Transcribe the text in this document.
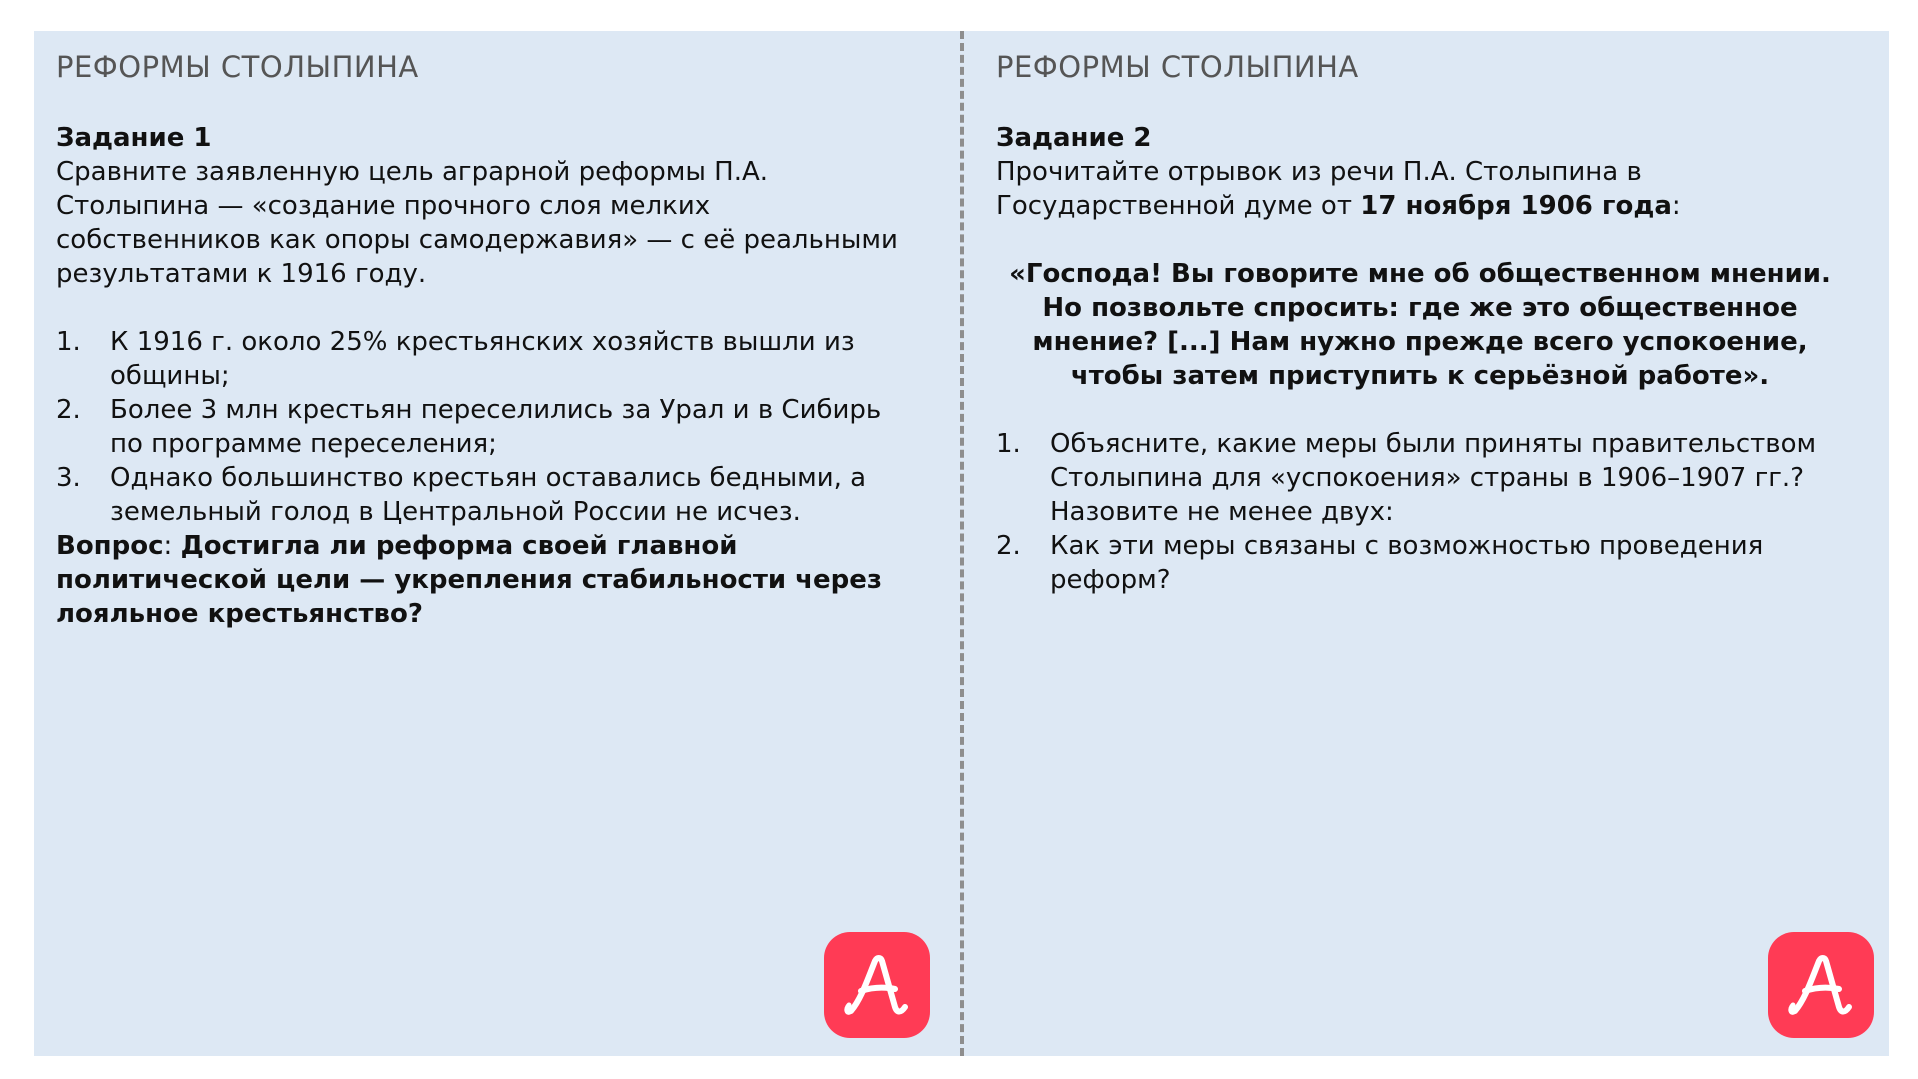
РЕФОРМЫ СТОЛЫПИНА

Задание 1

Сравните заявленную цель аграрной реформы П.А. Столыпина — «создание прочного слоя мелких собственников как опоры самодержавия» — с её реальными результатами к 1916 году.

1.	К 1916 г. около 25% крестьянских хозяйств вышли из общины;
2.	Более 3 млн крестьян переселились за Урал и в Сибирь по программе переселения;
3.	Однако большинство крестьян оставались бедными, а земельный голод в Центральной России не исчез.

Вопрос: Достигла ли реформа своей главной политической цели — укрепления стабильности через лояльное крестьянство?

РЕФОРМЫ СТОЛЫПИНА

Задание 2

Прочитайте отрывок из речи П.А. Столыпина в Государственной думе от 17 ноября 1906 года:

«Господа! Вы говорите мне об общественном мнении. Но позвольте спросить: где же это общественное мнение? [...] Нам нужно прежде всего успокоение, чтобы затем приступить к серьёзной работе».

1.	Объясните, какие меры были приняты правительством Столыпина для «успокоения» страны в 1906–1907 гг.? Назовите не менее двух:
2.	Как эти меры связаны с возможностью проведения реформ?
